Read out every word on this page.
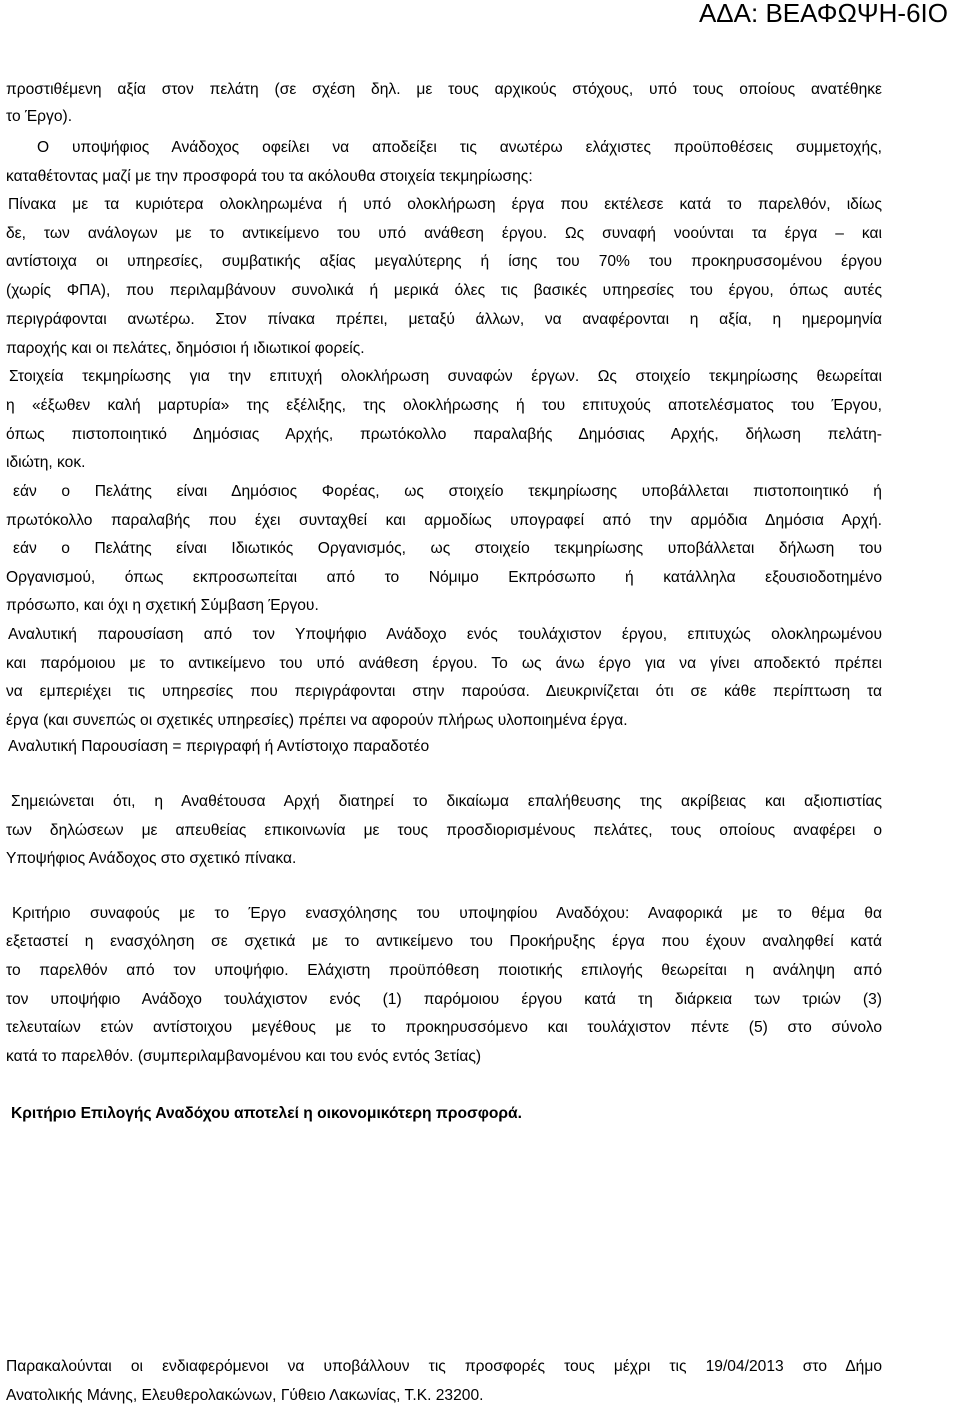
ΑΔΑ: ΒΕΑΦΩΨΗ-6ΙΟ
προστιθέμενη αξία στον πελάτη (σε σχέση δηλ. με τους αρχικούς στόχους, υπό τους οποίους ανατέθηκε
το Έργο).
Ο υποψήφιος Ανάδοχος οφείλει να αποδείξει τις ανωτέρω ελάχιστες προϋποθέσεις συμμετοχής,
καταθέτοντας μαζί με την προσφορά του τα ακόλουθα στοιχεία τεκμηρίωσης:
Πίνακα με τα κυριότερα ολοκληρωμένα ή υπό ολοκλήρωση έργα που εκτέλεσε κατά το παρελθόν, ιδίως
δε, των ανάλογων με το αντικείμενο του υπό ανάθεση έργου. Ως συναφή νοούνται τα έργα – και
αντίστοιχα οι υπηρεσίες, συμβατικής αξίας μεγαλύτερης ή ίσης του 70% του προκηρυσσομένου έργου
(χωρίς ΦΠΑ), που περιλαμβάνουν συνολικά ή μερικά όλες τις βασικές υπηρεσίες του έργου, όπως αυτές
περιγράφονται ανωτέρω. Στον πίνακα πρέπει, μεταξύ άλλων, να αναφέρονται η αξία, η ημερομηνία
παροχής και οι πελάτες, δημόσιοι ή ιδιωτικοί φορείς.
Στοιχεία τεκμηρίωσης για την επιτυχή ολοκλήρωση συναφών έργων. Ως στοιχείο τεκμηρίωσης θεωρείται
η «έξωθεν καλή μαρτυρία» της εξέλιξης, της ολοκλήρωσης ή του επιτυχούς αποτελέσματος του Έργου,
όπως πιστοποιητικό Δημόσιας Αρχής, πρωτόκολλο παραλαβής Δημόσιας Αρχής, δήλωση πελάτη-
ιδιώτη, κοκ.
εάν ο Πελάτης είναι Δημόσιος Φορέας, ως στοιχείο τεκμηρίωσης υποβάλλεται πιστοποιητικό ή
πρωτόκολλο παραλαβής που έχει συνταχθεί και αρμοδίως υπογραφεί από την αρμόδια Δημόσια Αρχή.
εάν ο Πελάτης είναι Ιδιωτικός Οργανισμός, ως στοιχείο τεκμηρίωσης υποβάλλεται δήλωση του
Οργανισμού, όπως εκπροσωπείται από το Νόμιμο Εκπρόσωπο ή κατάλληλα εξουσιοδοτημένο
πρόσωπο, και όχι η σχετική Σύμβαση Έργου.
Αναλυτική παρουσίαση από τον Υποψήφιο Ανάδοχο ενός τουλάχιστον έργου, επιτυχώς ολοκληρωμένου
και παρόμοιου με το αντικείμενο του υπό ανάθεση έργου. Το ως άνω έργο για να γίνει αποδεκτό πρέπει
να εμπεριέχει τις υπηρεσίες που περιγράφονται στην παρούσα. Διευκρινίζεται ότι σε κάθε περίπτωση τα
έργα (και συνεπώς οι σχετικές υπηρεσίες) πρέπει να αφορούν πλήρως υλοποιημένα έργα.
Αναλυτική Παρουσίαση = περιγραφή ή Αντίστοιχο παραδοτέο
Σημειώνεται ότι, η Αναθέτουσα Αρχή διατηρεί το δικαίωμα επαλήθευσης της ακρίβειας και αξιοπιστίας
των δηλώσεων με απευθείας επικοινωνία με τους προσδιορισμένους πελάτες, τους οποίους αναφέρει ο
Υποψήφιος Ανάδοχος στο σχετικό πίνακα.
Κριτήριο συναφούς με το Έργο ενασχόλησης του υποψηφίου Αναδόχου: Αναφορικά με το θέμα θα
εξεταστεί η ενασχόληση σε σχετικά με το αντικείμενο του Προκήρυξης έργα που έχουν αναληφθεί κατά
το παρελθόν από τον υποψήφιο. Ελάχιστη προϋπόθεση ποιοτικής επιλογής θεωρείται η ανάληψη από
τον υποψήφιο Ανάδοχο τουλάχιστον ενός (1) παρόμοιου έργου κατά τη διάρκεια των τριών (3)
τελευταίων ετών αντίστοιχου μεγέθους με το προκηρυσσόμενο και τουλάχιστον πέντε (5) στο σύνολο
κατά το παρελθόν. (συμπεριλαμβανομένου και του ενός εντός 3ετίας)
Κριτήριο Επιλογής Αναδόχου αποτελεί η οικονομικότερη προσφορά.
Παρακαλούνται οι ενδιαφερόμενοι να υποβάλλουν τις προσφορές τους μέχρι τις 19/04/2013 στο Δήμο
Ανατολικής Μάνης, Ελευθερολακώνων, Γύθειο Λακωνίας, Τ.Κ. 23200.
